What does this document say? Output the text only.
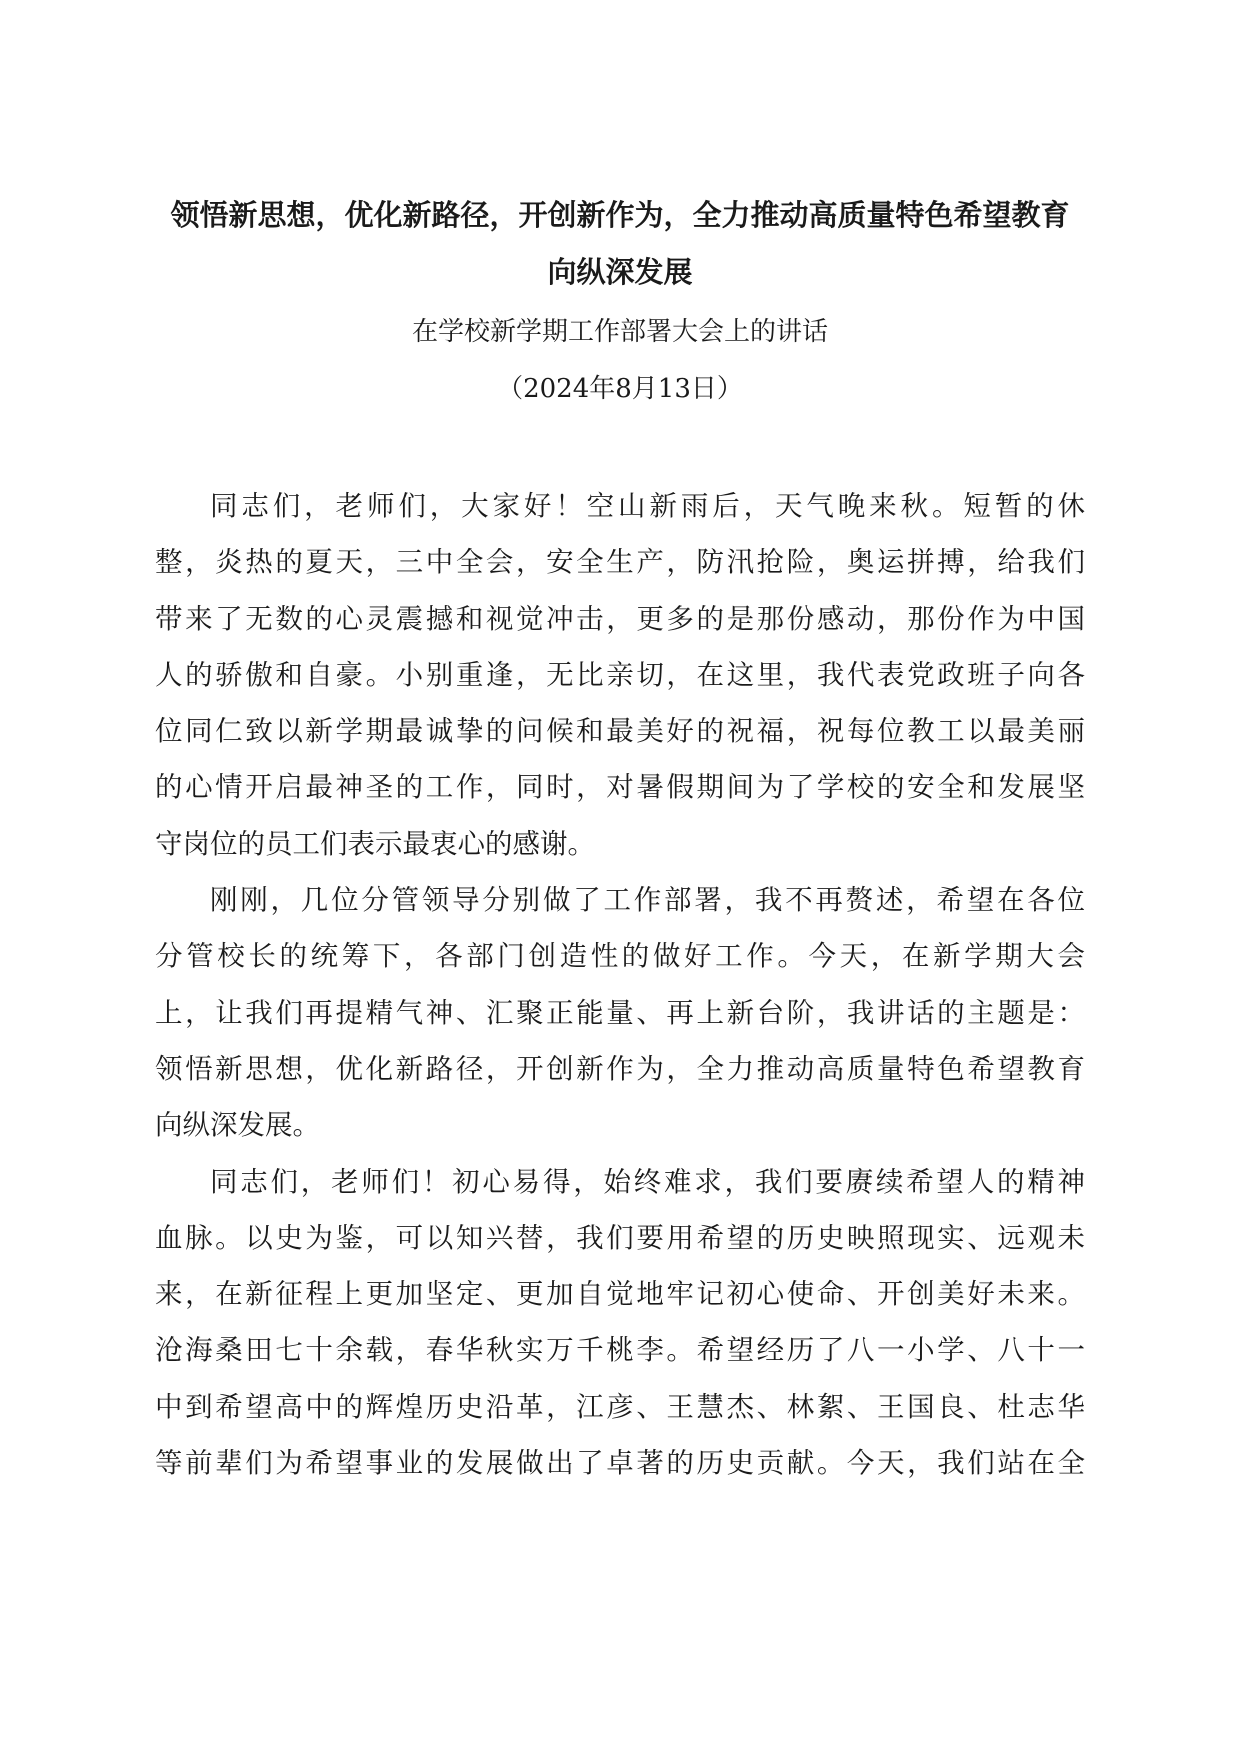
领悟新思想，优化新路径，开创新作为，全力推动高质量特色希望教育
向纵深发展

在学校新学期工作部署大会上的讲话

（2024年8月13日）

同志们，老师们，大家好！空山新雨后，天气晚来秋。短暂的休
整，炎热的夏天，三中全会，安全生产，防汛抢险，奥运拼搏，给我们
带来了无数的心灵震撼和视觉冲击，更多的是那份感动，那份作为中国
人的骄傲和自豪。小别重逢，无比亲切，在这里，我代表党政班子向各
位同仁致以新学期最诚挚的问候和最美好的祝福，祝每位教工以最美丽
的心情开启最神圣的工作，同时，对暑假期间为了学校的安全和发展坚
守岗位的员工们表示最衷心的感谢。
刚刚，几位分管领导分别做了工作部署，我不再赘述，希望在各位
分管校长的统筹下，各部门创造性的做好工作。今天，在新学期大会
上，让我们再提精气神、汇聚正能量、再上新台阶，我讲话的主题是：
领悟新思想，优化新路径，开创新作为，全力推动高质量特色希望教育
向纵深发展。
同志们，老师们！初心易得，始终难求，我们要赓续希望人的精神
血脉。以史为鉴，可以知兴替，我们要用希望的历史映照现实、远观未
来，在新征程上更加坚定、更加自觉地牢记初心使命、开创美好未来。
沧海桑田七十余载，春华秋实万千桃李。希望经历了八一小学、八十一
中到希望高中的辉煌历史沿革，江彦、王慧杰、林絮、王国良、杜志华
等前辈们为希望事业的发展做出了卓著的历史贡献。今天，我们站在全
